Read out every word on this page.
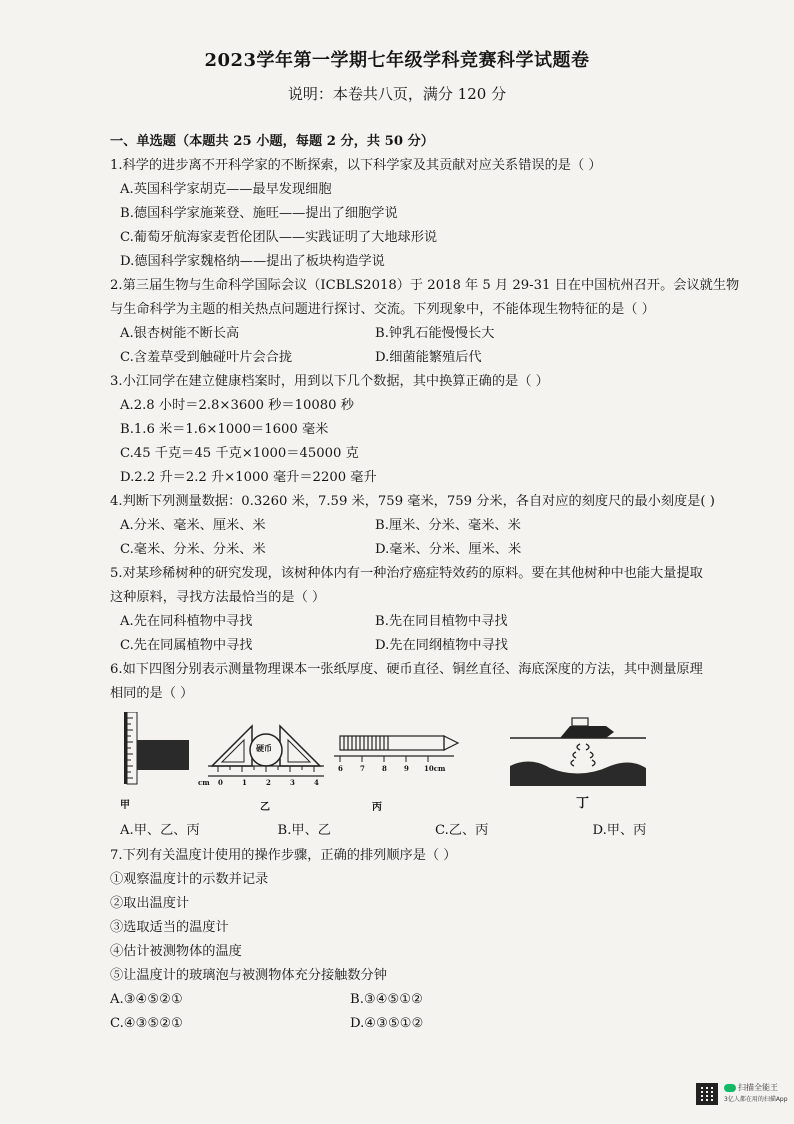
2023学年第一学期七年级学科竞赛科学试题卷
说明：本卷共八页，满分 120 分
一、单选题（本题共 25 小题，每题 2 分，共 50 分）
1.科学的进步离不开科学家的不断探索，以下科学家及其贡献对应关系错误的是（ ）
A.英国科学家胡克——最早发现细胞
B.德国科学家施莱登、施旺——提出了细胞学说
C.葡萄牙航海家麦哲伦团队——实践证明了大地球形说
D.德国科学家魏格纳——提出了板块构造学说
2.第三届生物与生命科学国际会议（ICBLS2018）于 2018 年 5 月 29-31 日在中国杭州召开。会议就生物
与生命科学为主题的相关热点问题进行探讨、交流。下列现象中，不能体现生物特征的是（ ）
A.银杏树能不断长高	B.钟乳石能慢慢长大
C.含羞草受到触碰叶片会合拢	D.细菌能繁殖后代
3.小江同学在建立健康档案时，用到以下几个数据，其中换算正确的是（ ）
A.2.8 小时＝2.8×3600 秒＝10080 秒
B.1.6 米＝1.6×1000＝1600 毫米
C.45 千克＝45 千克×1000＝45000 克
D.2.2 升＝2.2 升×1000 毫升＝2200 毫升
4.判断下列测量数据：0.3260 米，7.59 米，759 毫米，759 分米，各自对应的刻度尺的最小刻度是( )
A.分米、毫米、厘米、米	B.厘米、分米、毫米、米
C.毫米、分米、分米、米	D.毫米、分米、厘米、米
5.对某珍稀树种的研究发现，该树种体内有一种治疗癌症特效药的原料。要在其他树种中也能大量提取
这种原料，寻找方法最恰当的是（ ）
A.先在同科植物中寻找	B.先在同目植物中寻找
C.先在同属植物中寻找	D.先在同纲植物中寻找
6.如下四图分别表示测量物理课本一张纸厚度、硬币直径、铜丝直径、海底深度的方法，其中测量原理
相同的是（ ）
甲
硬币
cm 0	1	2	3	4
乙
6 7 8 9 10cm
丙	丁
A.甲、乙、丙	B.甲、乙	C.乙、丙	D.甲、丙
7.下列有关温度计使用的操作步骤，正确的排列顺序是（ ）
①观察温度计的示数并记录
②取出温度计
③选取适当的温度计
④估计被测物体的温度
⑤让温度计的玻璃泡与被测物体充分接触数分钟
A.③④⑤②①	B.③④⑤①②
C.④③⑤②①	D.④③⑤①②
扫描全能王
3亿人都在用的扫描App
